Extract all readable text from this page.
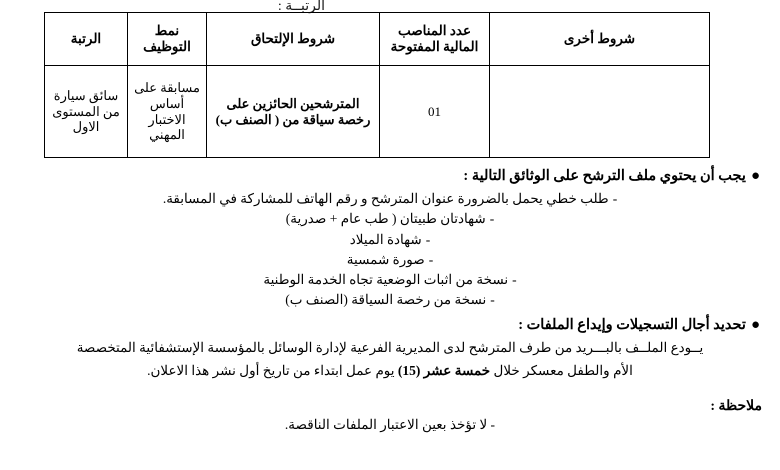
الرتبــة :
شروط أخرى	عدد المناصب المالية المفتوحة	شروط الإلتحاق	نمط التوظيف	الرتبة
	01	المترشحين الحائزين على رخصة سياقة من ( الصنف ب)	مسابقة على أساس الاختبار المهني	سائق سيارة من المستوى الاول

●يجب أن يحتوي ملف الترشح على الوثائق التالية :

-طلب خطي يحمل بالضرورة عنوان المترشح و رقم الهاتف للمشاركة في المسابقة.
-شهادتان طبيتان ( طب عام + صدرية)
-شهادة الميلاد
-صورة شمسية
-نسخة من اثبات الوضعية تجاه الخدمة الوطنية
-نسخة من رخصة السياقة (الصنف ب)

●تحديد أجال التسجيلات وإيداع الملفات :

يــودع الملــف بالبـــريد من طرف المترشح لدى المديرية الفرعية لإدارة الوسائل بالمؤسسة الإستشفائية المتخصصة

الأم والطفل معسكر خلال خمسة عشر (15) يوم عمل ابتداء من تاريخ أول نشر هذا الاعلان.

ملاحظة :

- لا تؤخذ بعين الاعتبار الملفات الناقصة.
